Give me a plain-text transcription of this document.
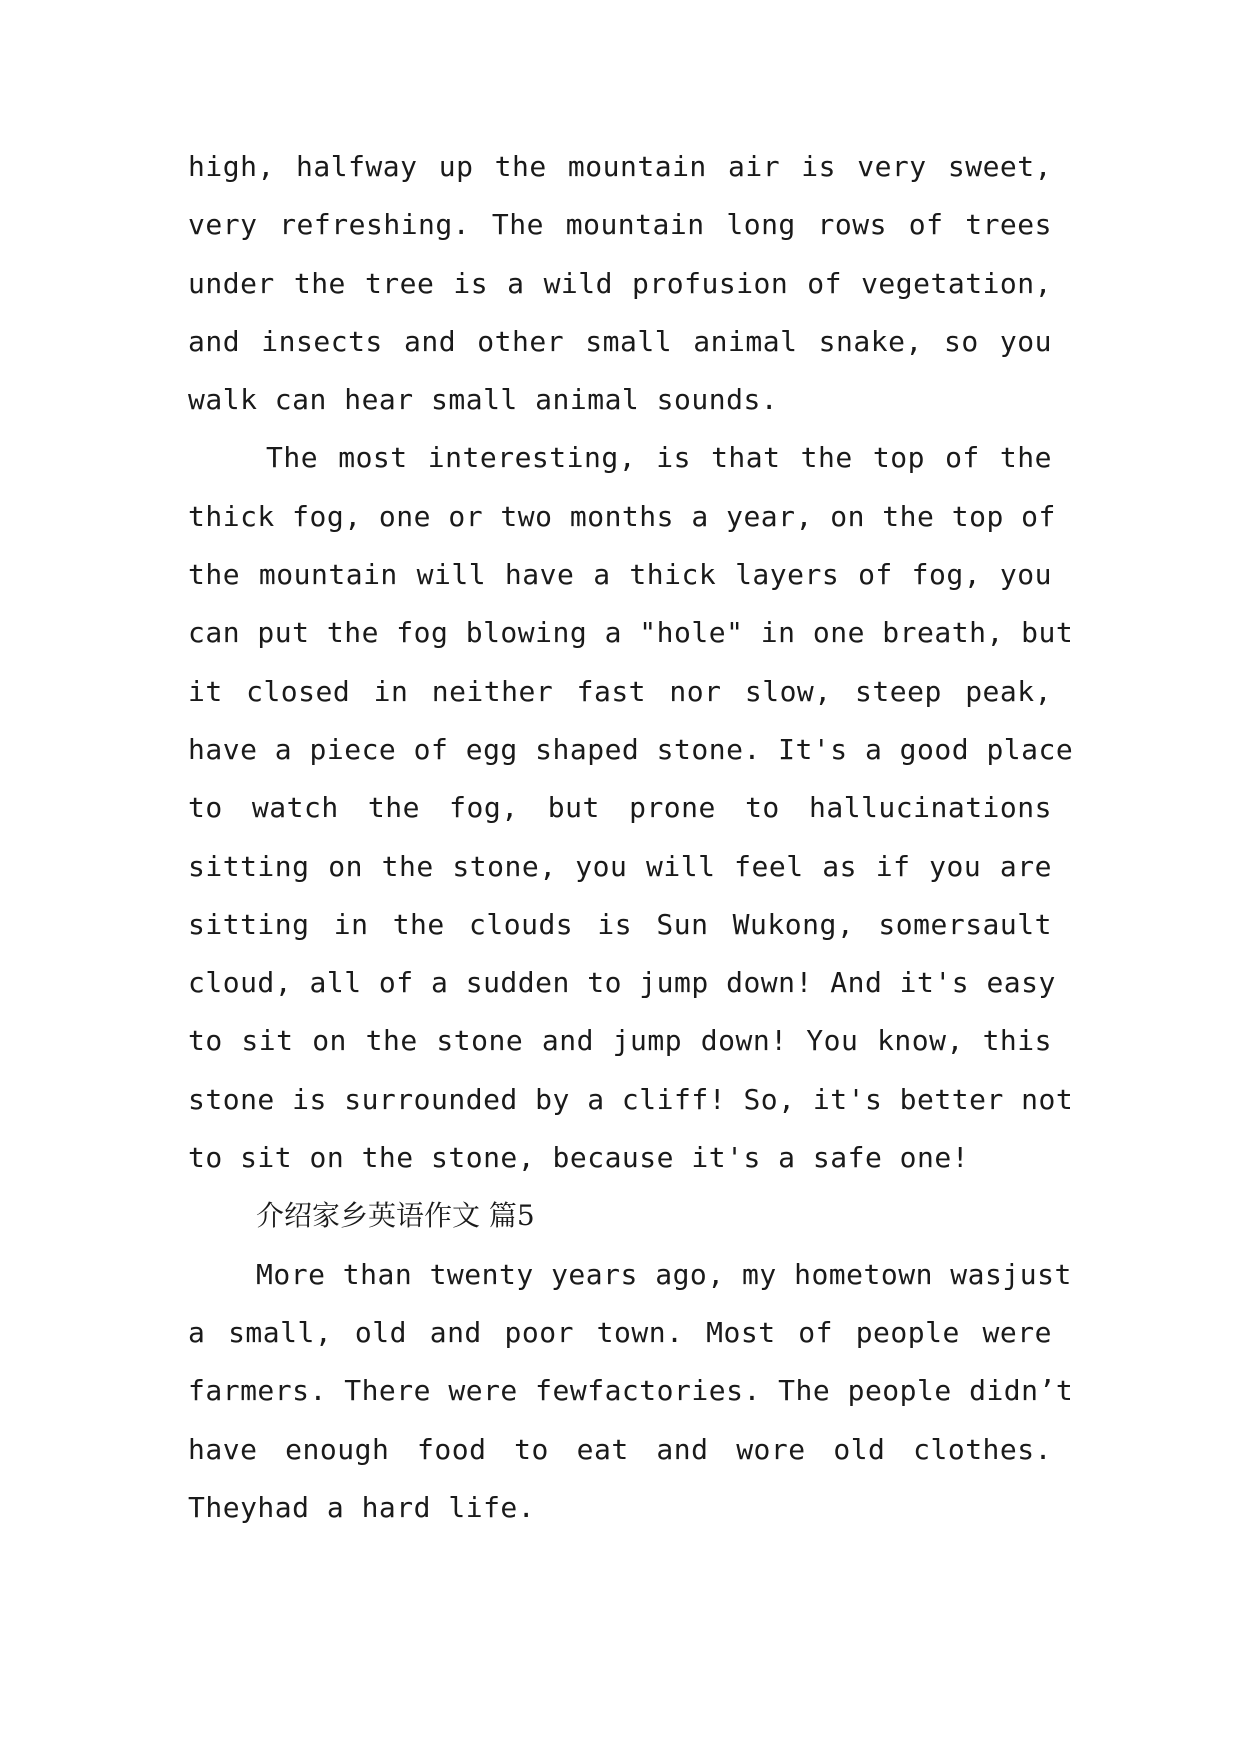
high, halfway up the mountain air is very sweet,
very refreshing. The mountain long rows of trees
under the tree is a wild profusion of vegetation,
and insects and other small animal snake, so you
walk can hear small animal sounds.
The most interesting, is that the top of the
thick fog, one or two months a year, on the top of
the mountain will have a thick layers of fog, you
can put the fog blowing a "hole" in one breath, but
it closed in neither fast nor slow, steep peak,
have a piece of egg shaped stone. It's a good place
to watch the fog, but prone to hallucinations
sitting on the stone, you will feel as if you are
sitting in the clouds is Sun Wukong, somersault
cloud, all of a sudden to jump down! And it's easy
to sit on the stone and jump down! You know, this
stone is surrounded by a cliff! So, it's better not
to sit on the stone, because it's a safe one!
介绍家乡英语作文 篇5
More than twenty years ago, my hometown wasjust
a small, old and poor town. Most of people were
farmers. There were fewfactories. The people didn’t
have enough food to eat and wore old clothes.
Theyhad a hard life.
